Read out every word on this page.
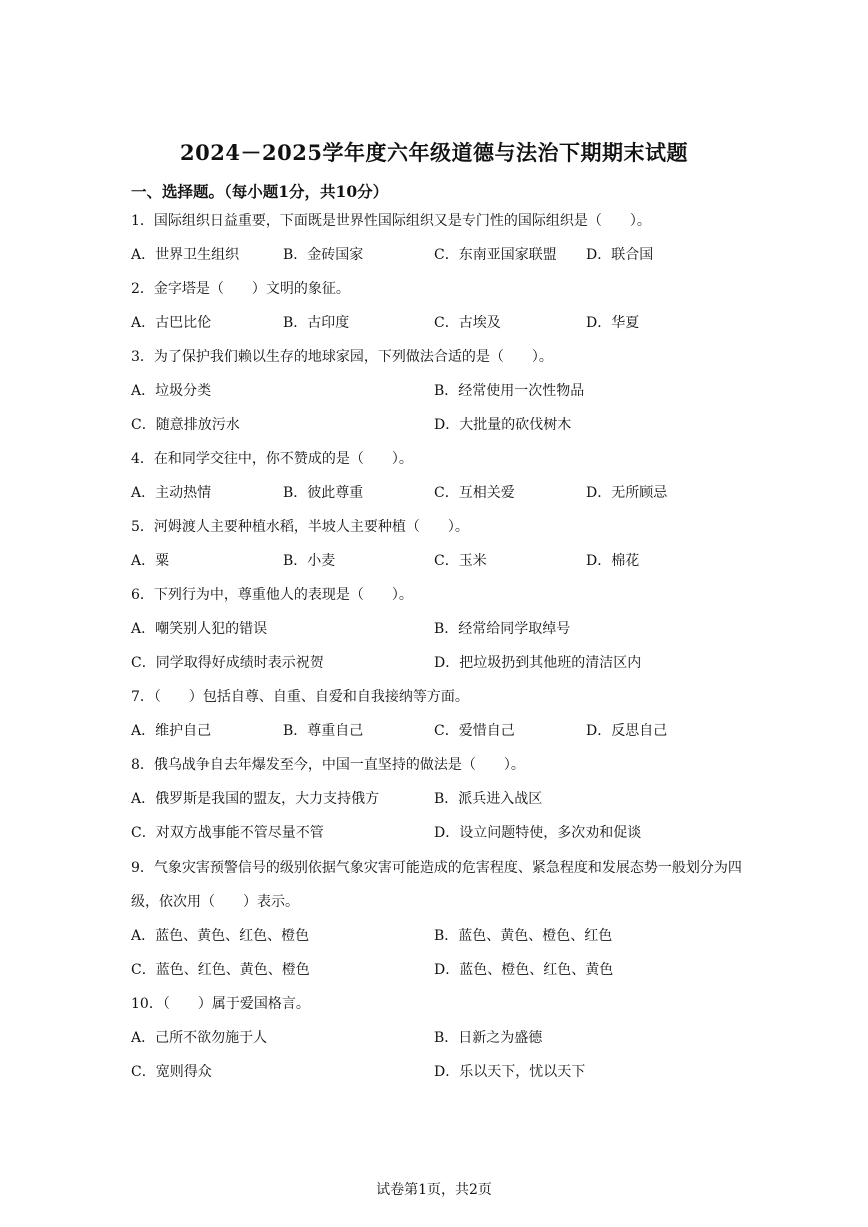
2024－2025学年度六年级道德与法治下期期末试题
一、选择题。（每小题1分，共10分）
1．国际组织日益重要，下面既是世界性国际组织又是专门性的国际组织是（　　）。
A．世界卫生组织	B．金砖国家	C．东南亚国家联盟 D．联合国
2．金字塔是（　　）文明的象征。
A．古巴比伦	B．古印度	C．古埃及	D．华夏
3．为了保护我们赖以生存的地球家园，下列做法合适的是（　　）。
A．垃圾分类	B．经常使用一次性物品
C．随意排放污水	D．大批量的砍伐树木
4．在和同学交往中，你不赞成的是（　　）。
A．主动热情	B．彼此尊重	C．互相关爱	D．无所顾忌
5．河姆渡人主要种植水稻，半坡人主要种植（　　）。
A．粟	B．小麦	C．玉米	D．棉花
6．下列行为中，尊重他人的表现是（　　）。
A．嘲笑别人犯的错误	B．经常给同学取绰号
C．同学取得好成绩时表示祝贺	D．把垃圾扔到其他班的清洁区内
7．（　　）包括自尊、自重、自爱和自我接纳等方面。
A．维护自己	B．尊重自己	C．爱惜自己	D．反思自己
8．俄乌战争自去年爆发至今，中国一直坚持的做法是（　　）。
A．俄罗斯是我国的盟友，大力支持俄方	B．派兵进入战区
C．对双方战事能不管尽量不管	D．设立问题特使，多次劝和促谈
9．气象灾害预警信号的级别依据气象灾害可能造成的危害程度、紧急程度和发展态势一般划分为四级，依次用（　　）表示。
A．蓝色、黄色、红色、橙色	B．蓝色、黄色、橙色、红色
C．蓝色、红色、黄色、橙色	D．蓝色、橙色、红色、黄色
10．（　　）属于爱国格言。
A．己所不欲勿施于人	B．日新之为盛德
C．宽则得众	D．乐以天下，忧以天下
试卷第1页，共2页
